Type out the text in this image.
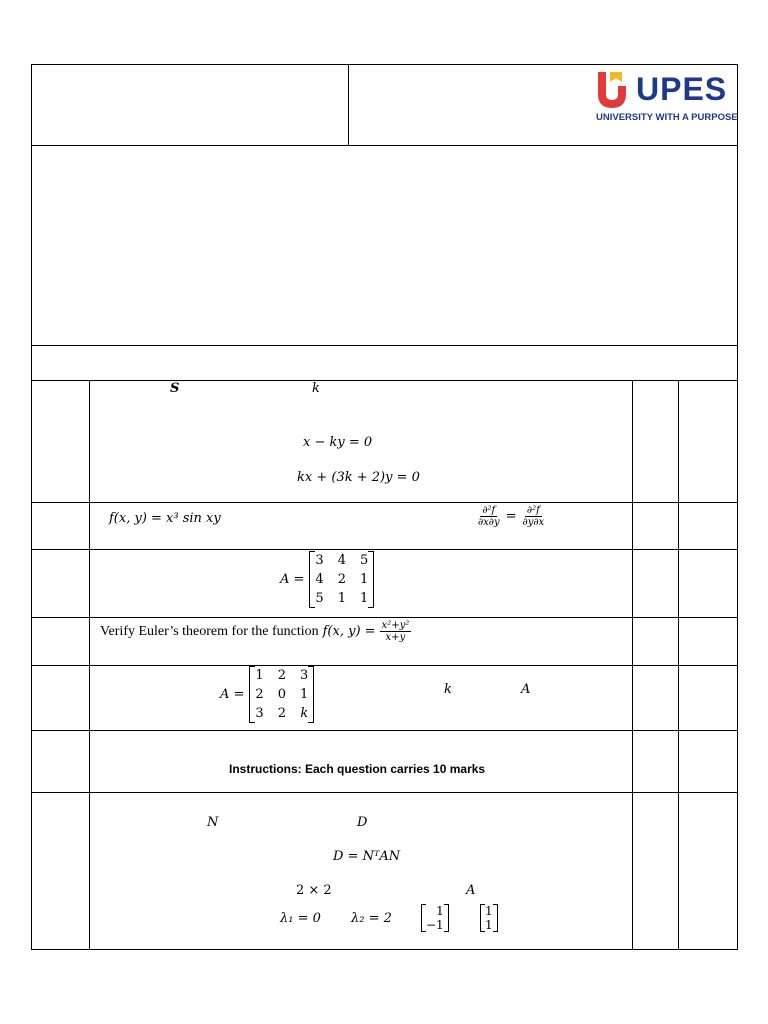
UPES
UNIVERSITY WITH A PURPOSE
S	k
x − ky = 0
kx + (3k + 2)y = 0
f(x, y) = x³ sin xy	$\frac{\text{∂²f}}{\partial x\partial y} = \frac{\text{∂²f}}{\partial y\partial x}$
A =
3 4 5
4 2 1
5 1 1
Verify Euler’s theorem for the function f(x, $y) = \frac{\text{x²+y²}}{x+y}$
A =
1 2 3
2 0 1
3 2 k
k	A
Instructions: Each question carries 10 marks
N	D
D = NᵀAN
2 × 2	A
λ₁ = 0 λ₂ = 2	1
−1
1
1
